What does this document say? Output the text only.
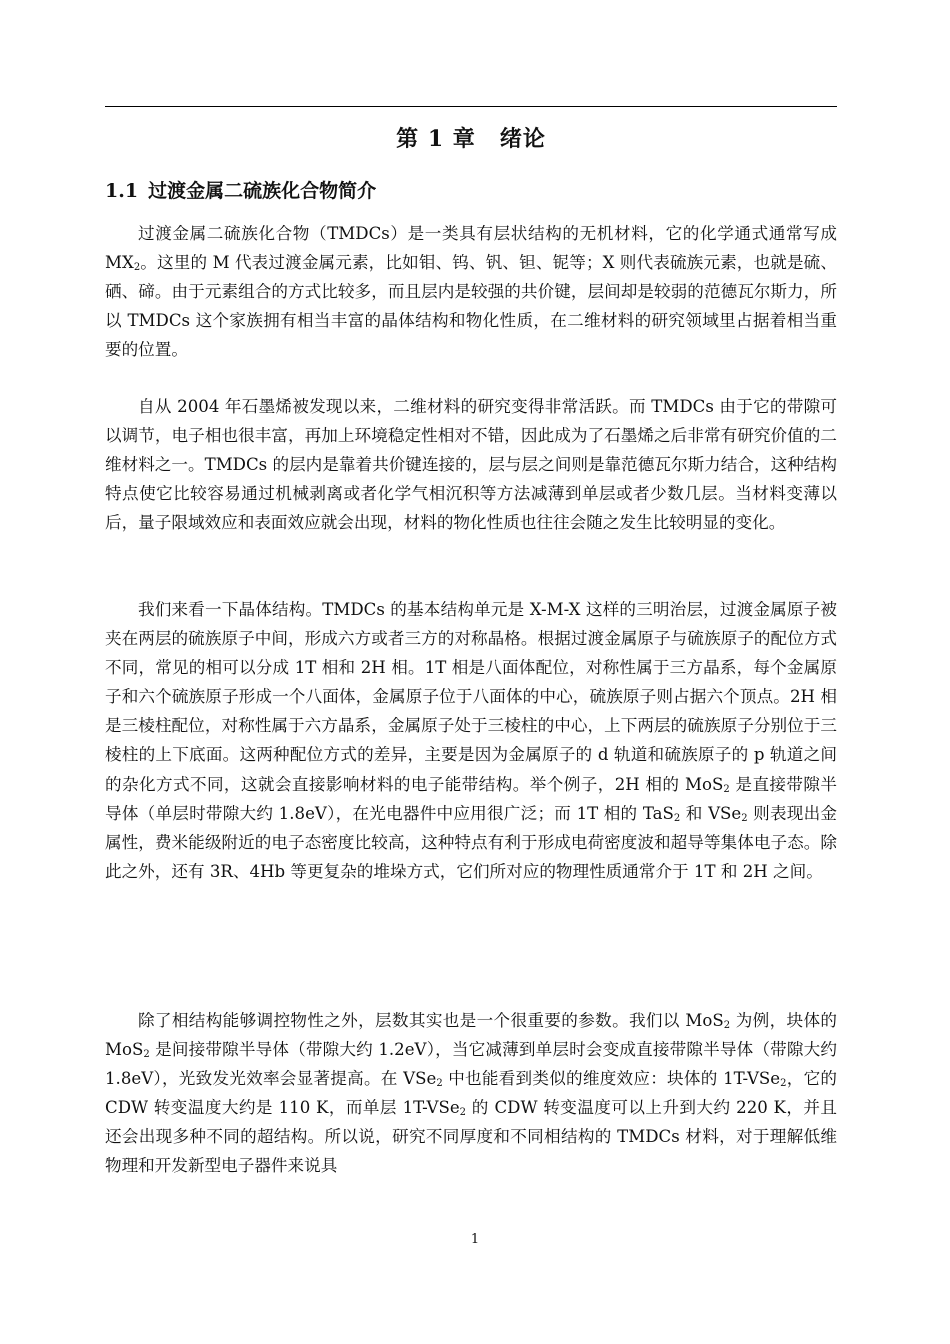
第 1 章 绪论
1.1 过渡金属二硫族化合物简介

过渡金属二硫族化合物（TMDCs）是一类具有层状结构的无机材料，它的化学通式通常写成 $MX_2$。这里的 M 代表过渡金属元素，比如钼、钨、钒、钽、铌等；X 则代表硫族元素，也就是硫、硒、碲。由于元素组合的方式比较多，而且层内是较强的共价键，层间却是较弱的范德瓦尔斯力，所以 TMDCs 这个家族拥有相当丰富的晶体结构和物化性质，在二维材料的研究领域里占据着相当重要的位置。

自从 2004 年石墨烯被发现以来，二维材料的研究变得非常活跃。而 TMDCs 由于它的带隙可以调节，电子相也很丰富，再加上环境稳定性相对不错，因此成为了石墨烯之后非常有研究价值的二维材料之一。TMDCs 的层内是靠着共价键连接的，层与层之间则是靠范德瓦尔斯力结合，这种结构特点使它比较容易通过机械剥离或者化学气相沉积等方法减薄到单层或者少数几层。当材料变薄以后，量子限域效应和表面效应就会出现，材料的物化性质也往往会随之发生比较明显的变化。

我们来看一下晶体结构。TMDCs 的基本结构单元是 X-M-X 这样的三明治层，过渡金属原子被夹在两层的硫族原子中间，形成六方或者三方的对称晶格。根据过渡金属原子与硫族原子的配位方式不同，常见的相可以分成 1T 相和 2H 相。1T 相是八面体配位，对称性属于三方晶系，每个金属原子和六个硫族原子形成一个八面体，金属原子位于八面体的中心，硫族原子则占据六个顶点。2H 相是三棱柱配位，对称性属于六方晶系，金属原子处于三棱柱的中心，上下两层的硫族原子分别位于三棱柱的上下底面。这两种配位方式的差异，主要是因为金属原子的 d 轨道和硫族原子的 p 轨道之间的杂化方式不同，这就会直接影响材料的电子能带结构。举个例子，2H 相的 MoS$_2$ 是直接带隙半导体（单层时带隙大约 1.8eV），在光电器件中应用很广泛；而 1T 相的 TaS$_2$ 和 VSe$_2$ 则表现出金属性，费米能级附近的电子态密度比较高，这种特点有利于形成电荷密度波和超导等集体电子态。除此之外，还有 3R、4Hb 等更复杂的堆垛方式，它们所对应的物理性质通常介于 1T 和 2H 之间。

除了相结构能够调控物性之外，层数其实也是一个很重要的参数。我们以 MoS$_2$ 为例，块体的 MoS$_2$ 是间接带隙半导体（带隙大约 1.2eV），当它减薄到单层时会变成直接带隙半导体（带隙大约 1.8eV），光致发光效率会显著提高。在 VSe$_2$ 中也能看到类似的维度效应：块体的 1T-VSe$_2$，它的 CDW 转变温度大约是 110 K，而单层 1T-VSe$_2$ 的 CDW 转变温度可以上升到大约 220 K，并且还会出现多种不同的超结构。所以说，研究不同厚度和不同相结构的 TMDCs 材料，对于理解低维物理和开发新型电子器件来说具

1
